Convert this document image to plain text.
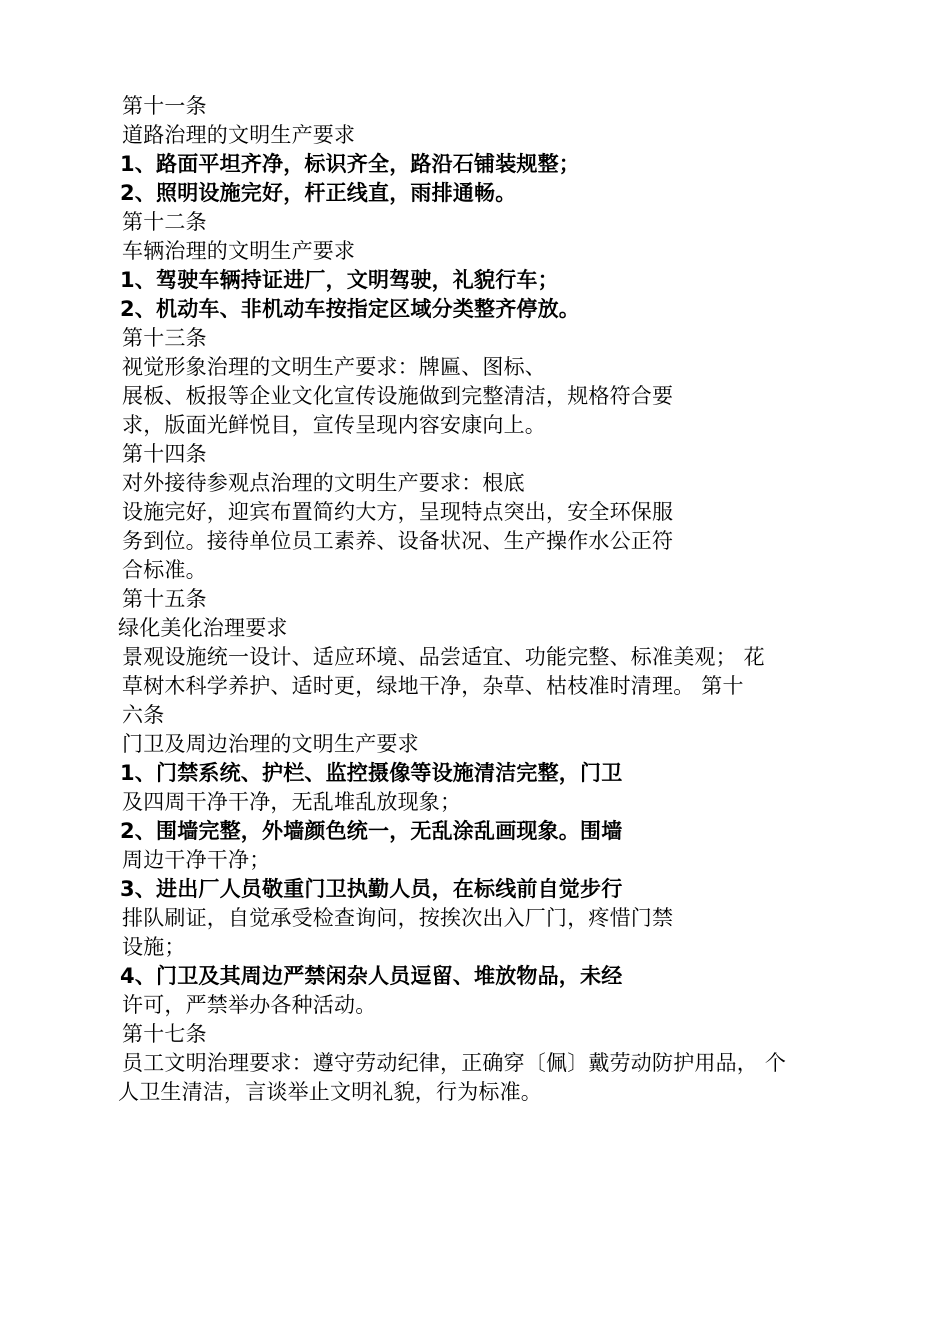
第十一条
道路治理的文明生产要求
1、路面平坦齐净，标识齐全，路沿石铺装规整；
2、照明设施完好，杆正线直，雨排通畅。
第十二条
车辆治理的文明生产要求
1、驾驶车辆持证进厂，文明驾驶，礼貌行车；
2、机动车、非机动车按指定区域分类整齐停放。
第十三条
视觉形象治理的文明生产要求：牌匾、图标、
展板、板报等企业文化宣传设施做到完整清洁，规格符合要
求，版面光鲜悦目，宣传呈现内容安康向上。
第十四条
对外接待参观点治理的文明生产要求：根底
设施完好，迎宾布置简约大方，呈现特点突出，安全环保服
务到位。接待单位员工素养、设备状况、生产操作水公正符
合标准。
第十五条
绿化美化治理要求
景观设施统一设计、适应环境、品尝适宜、功能完整、标准美观； 花
草树木科学养护、适时更，绿地干净，杂草、枯枝准时清理。 第十
六条
门卫及周边治理的文明生产要求
1、门禁系统、护栏、监控摄像等设施清洁完整，门卫
及四周干净干净，无乱堆乱放现象；
2、围墙完整，外墙颜色统一，无乱涂乱画现象。围墙
周边干净干净；
3、进出厂人员敬重门卫执勤人员，在标线前自觉步行
排队刷证，自觉承受检查询问，按挨次出入厂门，疼惜门禁
设施；
4、门卫及其周边严禁闲杂人员逗留、堆放物品，未经
许可，严禁举办各种活动。
第十七条
员工文明治理要求：遵守劳动纪律，正确穿〔佩〕戴劳动防护用品， 个
人卫生清洁，言谈举止文明礼貌，行为标准。
